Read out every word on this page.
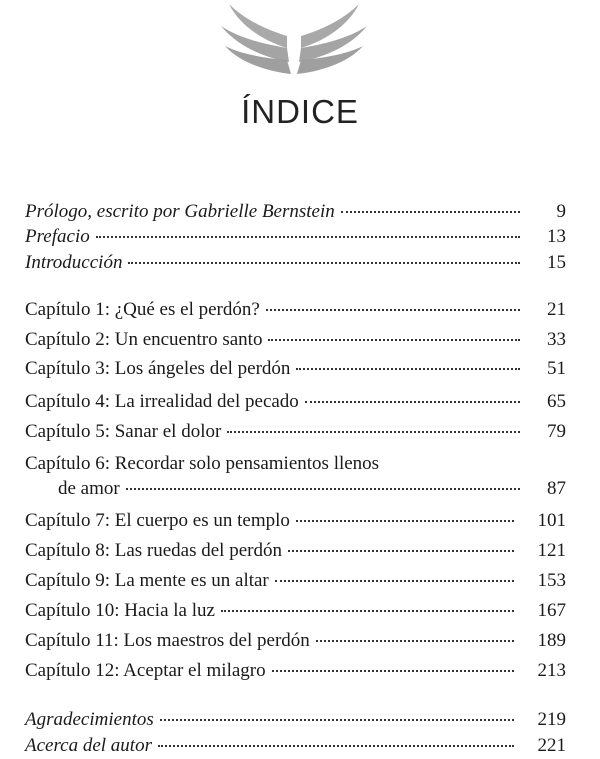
ÍNDICE
Prólogo, escrito por Gabrielle Bernstein	9
Prefacio	13
Introducción	15
Capítulo 1: ¿Qué es el perdón?	21
Capítulo 2: Un encuentro santo	33
Capítulo 3: Los ángeles del perdón	51
Capítulo 4: La irrealidad del pecado	65
Capítulo 5: Sanar el dolor	79
Capítulo 6: Recordar solo pensamientos llenos
de amor	87
Capítulo 7: El cuerpo es un templo	101
Capítulo 8: Las ruedas del perdón	121
Capítulo 9: La mente es un altar	153
Capítulo 10: Hacia la luz	167
Capítulo 11: Los maestros del perdón	189
Capítulo 12: Aceptar el milagro	213
Agradecimientos	219
Acerca del autor	221
